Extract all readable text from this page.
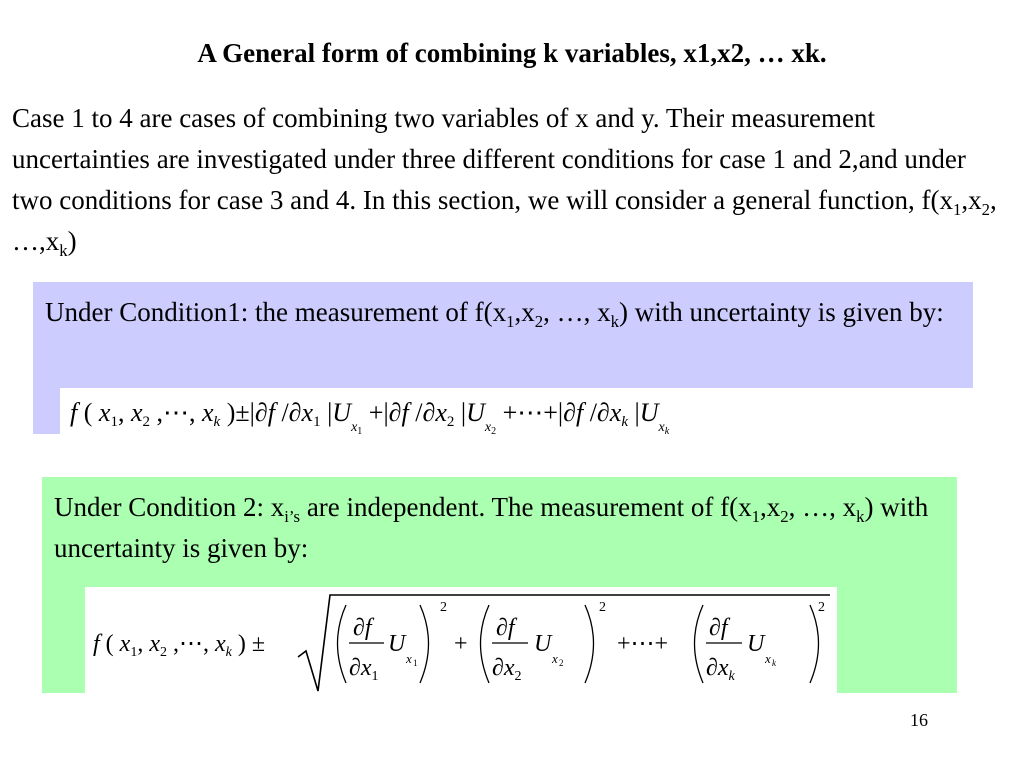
A General form of combining k variables, x1,x2, … xk.

Case 1 to 4 are cases of combining two variables of x and y. Their measurement uncertainties are investigated under three different conditions for case 1 and 2,and under two conditions for case 3 and 4. In this section, we will consider a general function, $f(x_1,x_2$, $\dots,x_k$)

Under Condition1: the measurement of $f(x_1,x_2$, …, $x_k$) with uncertainty is given by:

f ( x1, x2 ,⋯, xk )±|∂f /∂x1 $|U_x1 +|\partial f$ /∂x2 $|U_x2$ +⋯+|∂f /∂xk $|U_xk$

Under Condition 2: $x_{i’s}$ are independent. The measurement of $f(x_1,x_2$, …, $x_k$) with uncertainty is given by:

f ( $x_1$, $x_2$ ,⋯, $x_k$ ) ±
∂f
$\partial x_1$
U
x 1
2
+
∂f
$\partial x_2$
U
x 2
2
+⋯+
∂f
$\partial x_k$
U
x k
2
16
